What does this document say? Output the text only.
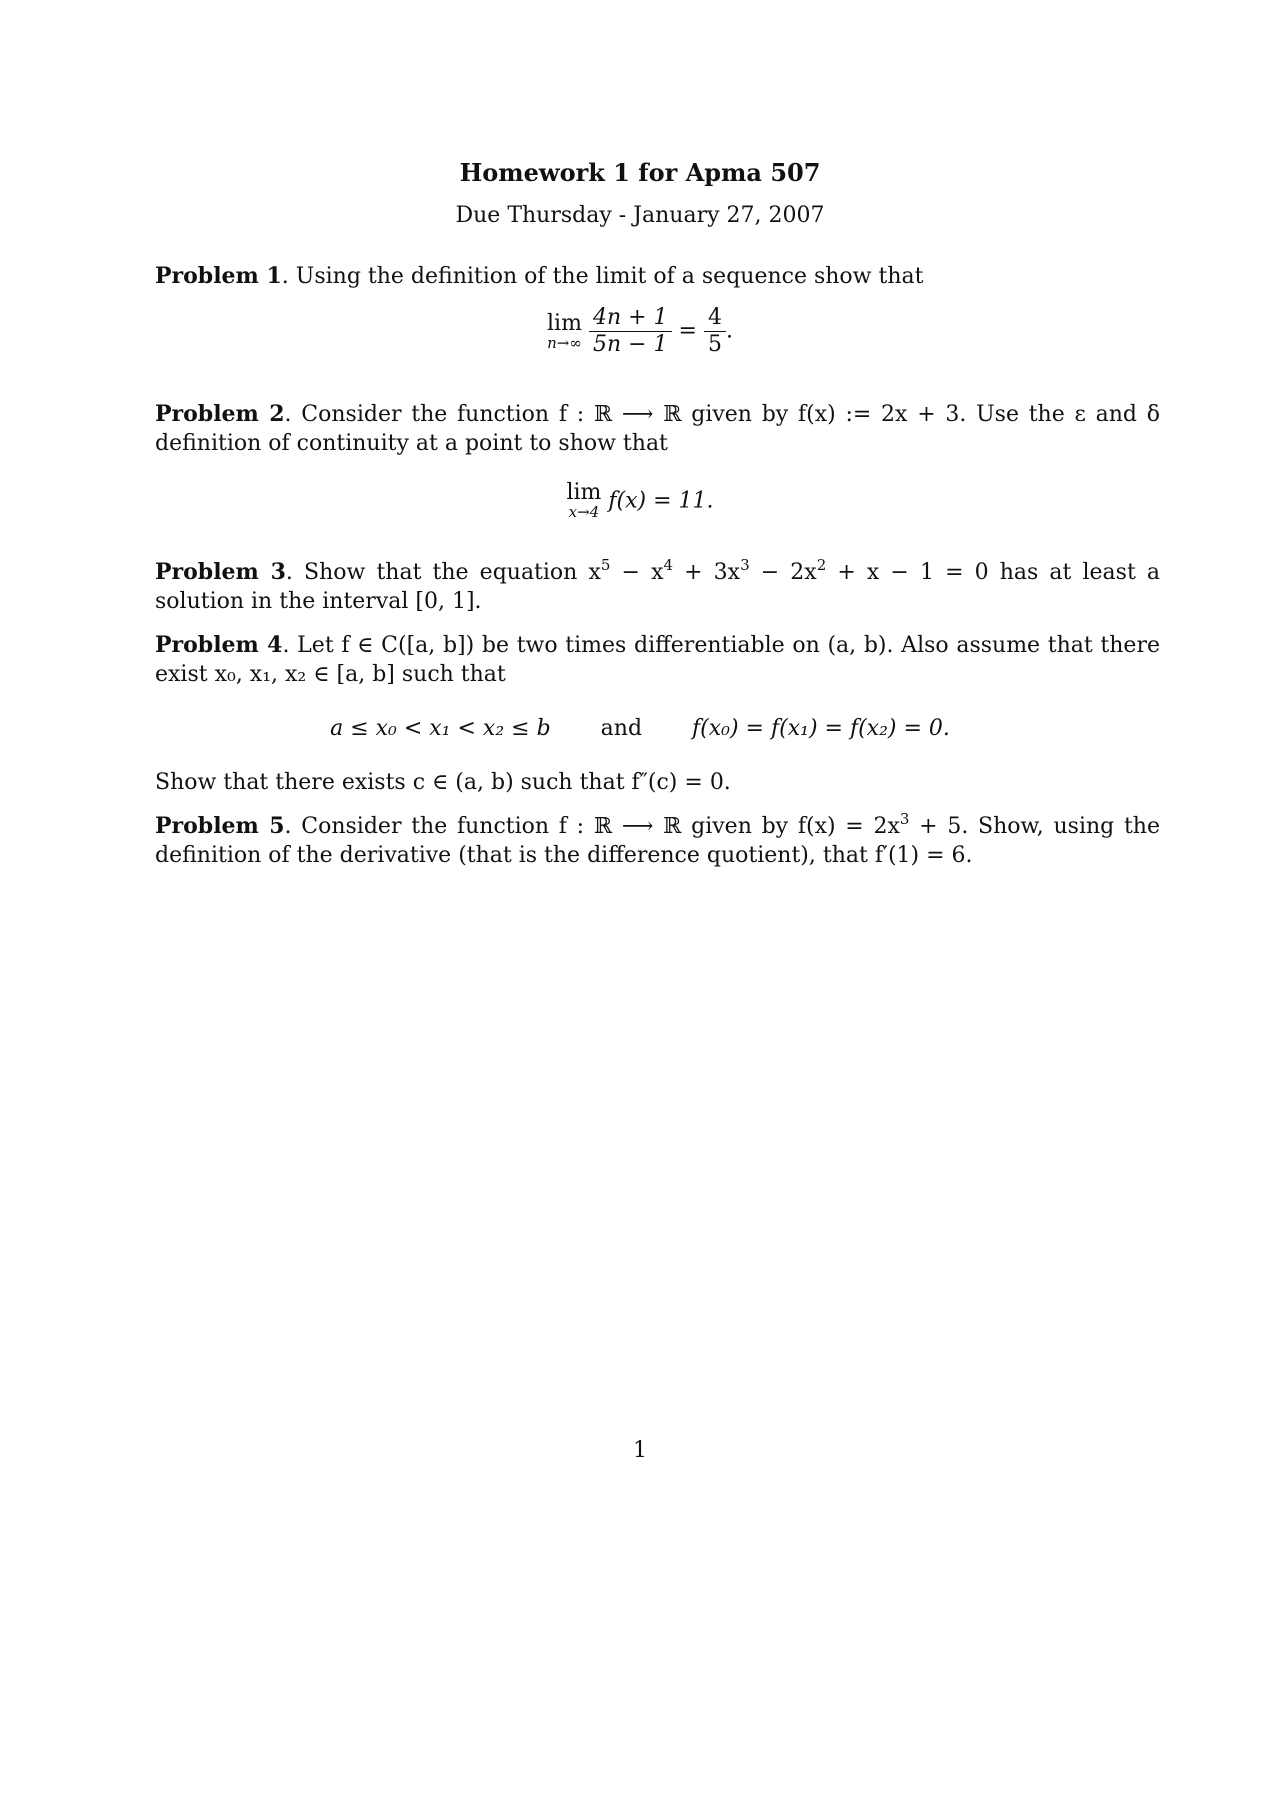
Homework 1 for Apma 507
Due Thursday - January 27, 2007
Problem 1. Using the definition of the limit of a sequence show that
lim
n→∞
$\frac{4n + 1}{5n - 1} = \frac{4}{5}$ .
Problem 2. Consider the function f : ℝ ⟶ ℝ given by f(x) := 2x + 3. Use the ε and δ definition of continuity at a point to show that
lim
x→4 f(x) = 11.
Problem 3. Show that the equation $x^5 - x^4 + 3x^3 - 2x^2 + x - 1 = 0$ has at least a solution in the interval [0, 1].
Problem 4. Let f ∈ C([a, b]) be two times differentiable on (a, b). Also assume that there exist x₀, x₁, x₂ ∈ [a, b] such that
a ≤ x₀ < x₁ < x₂ ≤ b and f(x₀) = f(x₁) = f(x₂) = 0.
Show that there exists c ∈ (a, b) such that f″(c) = 0.
Problem 5. Consider the function f : ℝ ⟶ ℝ given by $f(x) = 2x^3 + 5$. Show, using the definition of the derivative (that is the difference quotient), that f′(1) = 6.
1
